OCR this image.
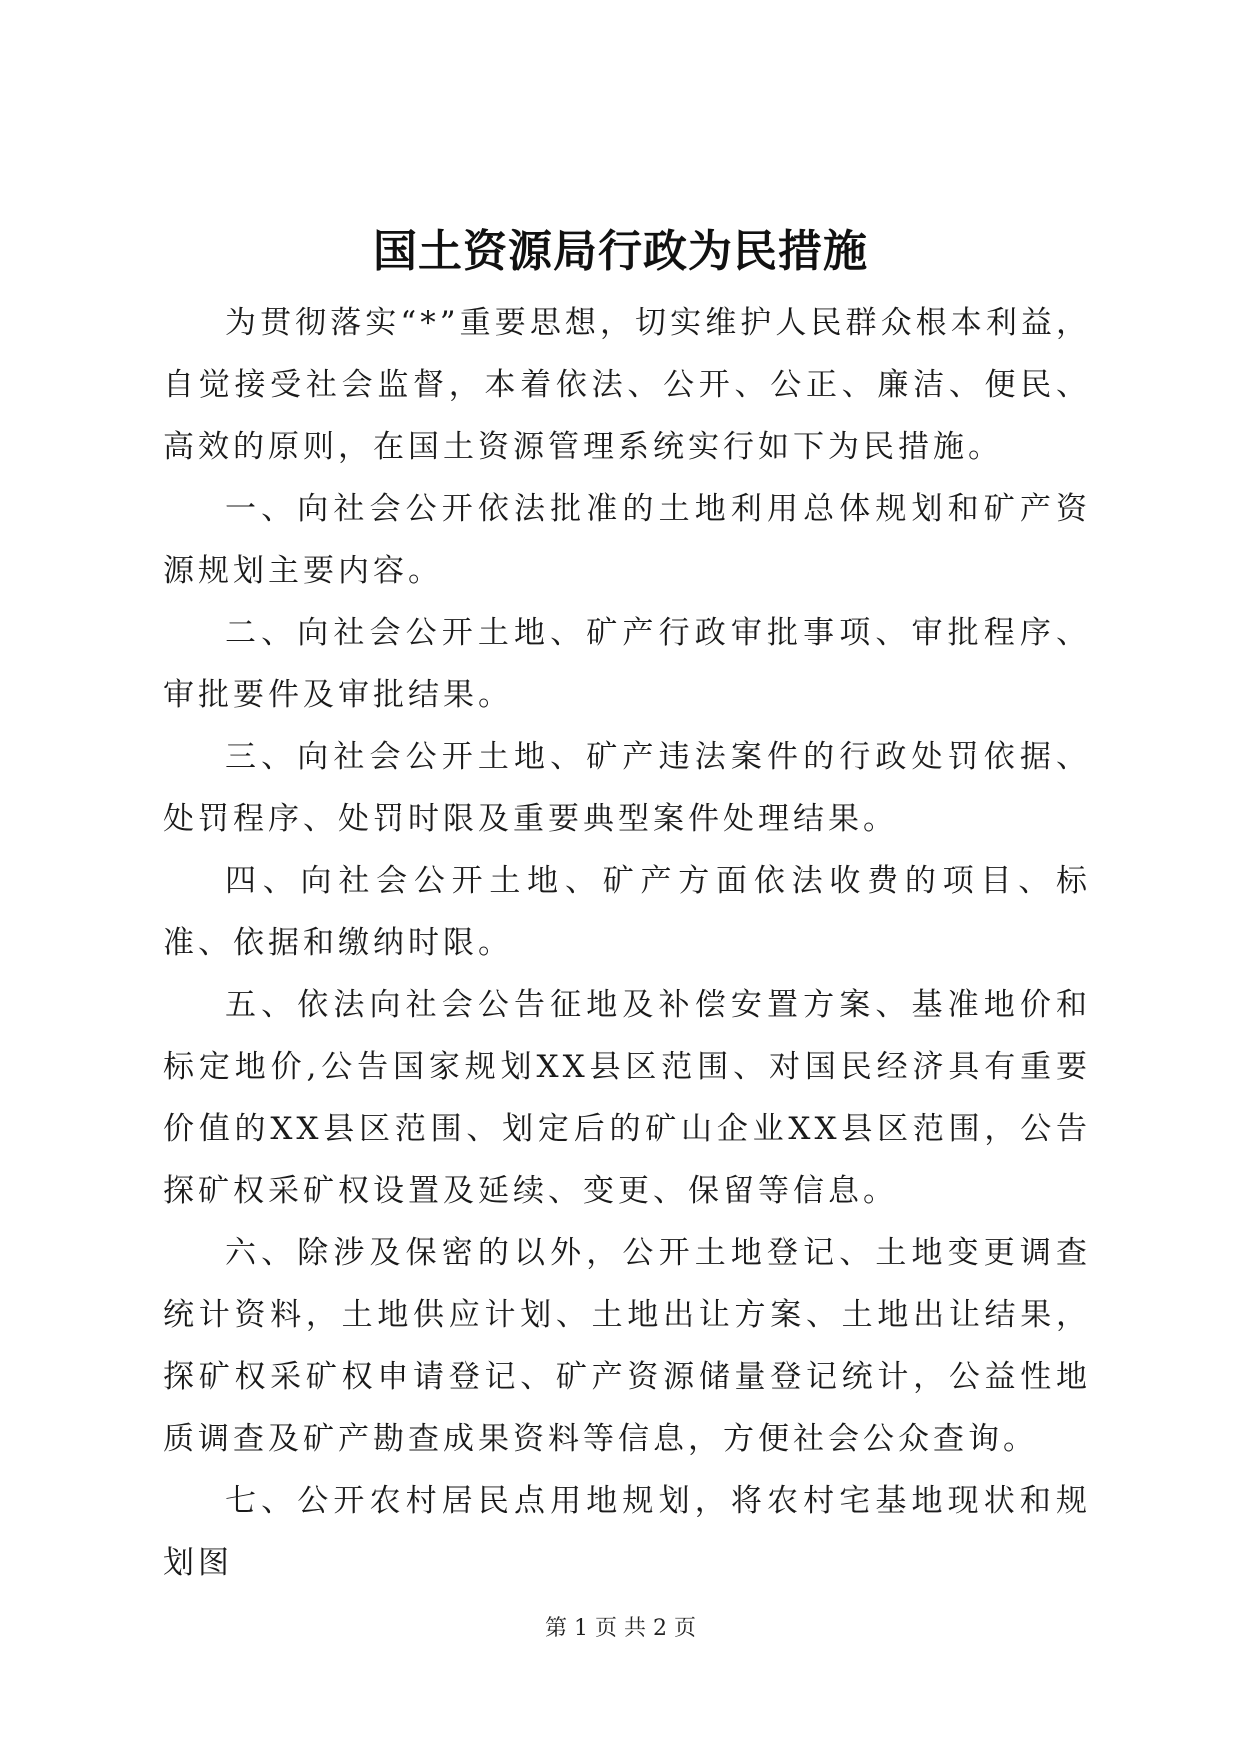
国土资源局行政为民措施

为贯彻落实“*”重要思想，切实维护人民群众根本利益，自觉接受社会监督，本着依法、公开、公正、廉洁、便民、高效的原则，在国土资源管理系统实行如下为民措施。

一、向社会公开依法批准的土地利用总体规划和矿产资源规划主要内容。

二、向社会公开土地、矿产行政审批事项、审批程序、审批要件及审批结果。

三、向社会公开土地、矿产违法案件的行政处罚依据、处罚程序、处罚时限及重要典型案件处理结果。

四、向社会公开土地、矿产方面依法收费的项目、标准、依据和缴纳时限。

五、依法向社会公告征地及补偿安置方案、基准地价和标定地价,公告国家规划XX县区范围、对国民经济具有重要价值的XX县区范围、划定后的矿山企业XX县区范围，公告探矿权采矿权设置及延续、变更、保留等信息。

六、除涉及保密的以外，公开土地登记、土地变更调查统计资料，土地供应计划、土地出让方案、土地出让结果，探矿权采矿权申请登记、矿产资源储量登记统计，公益性地质调查及矿产勘查成果资料等信息，方便社会公众查询。

七、公开农村居民点用地规划，将农村宅基地现状和规划图

第 1 页 共 2 页
